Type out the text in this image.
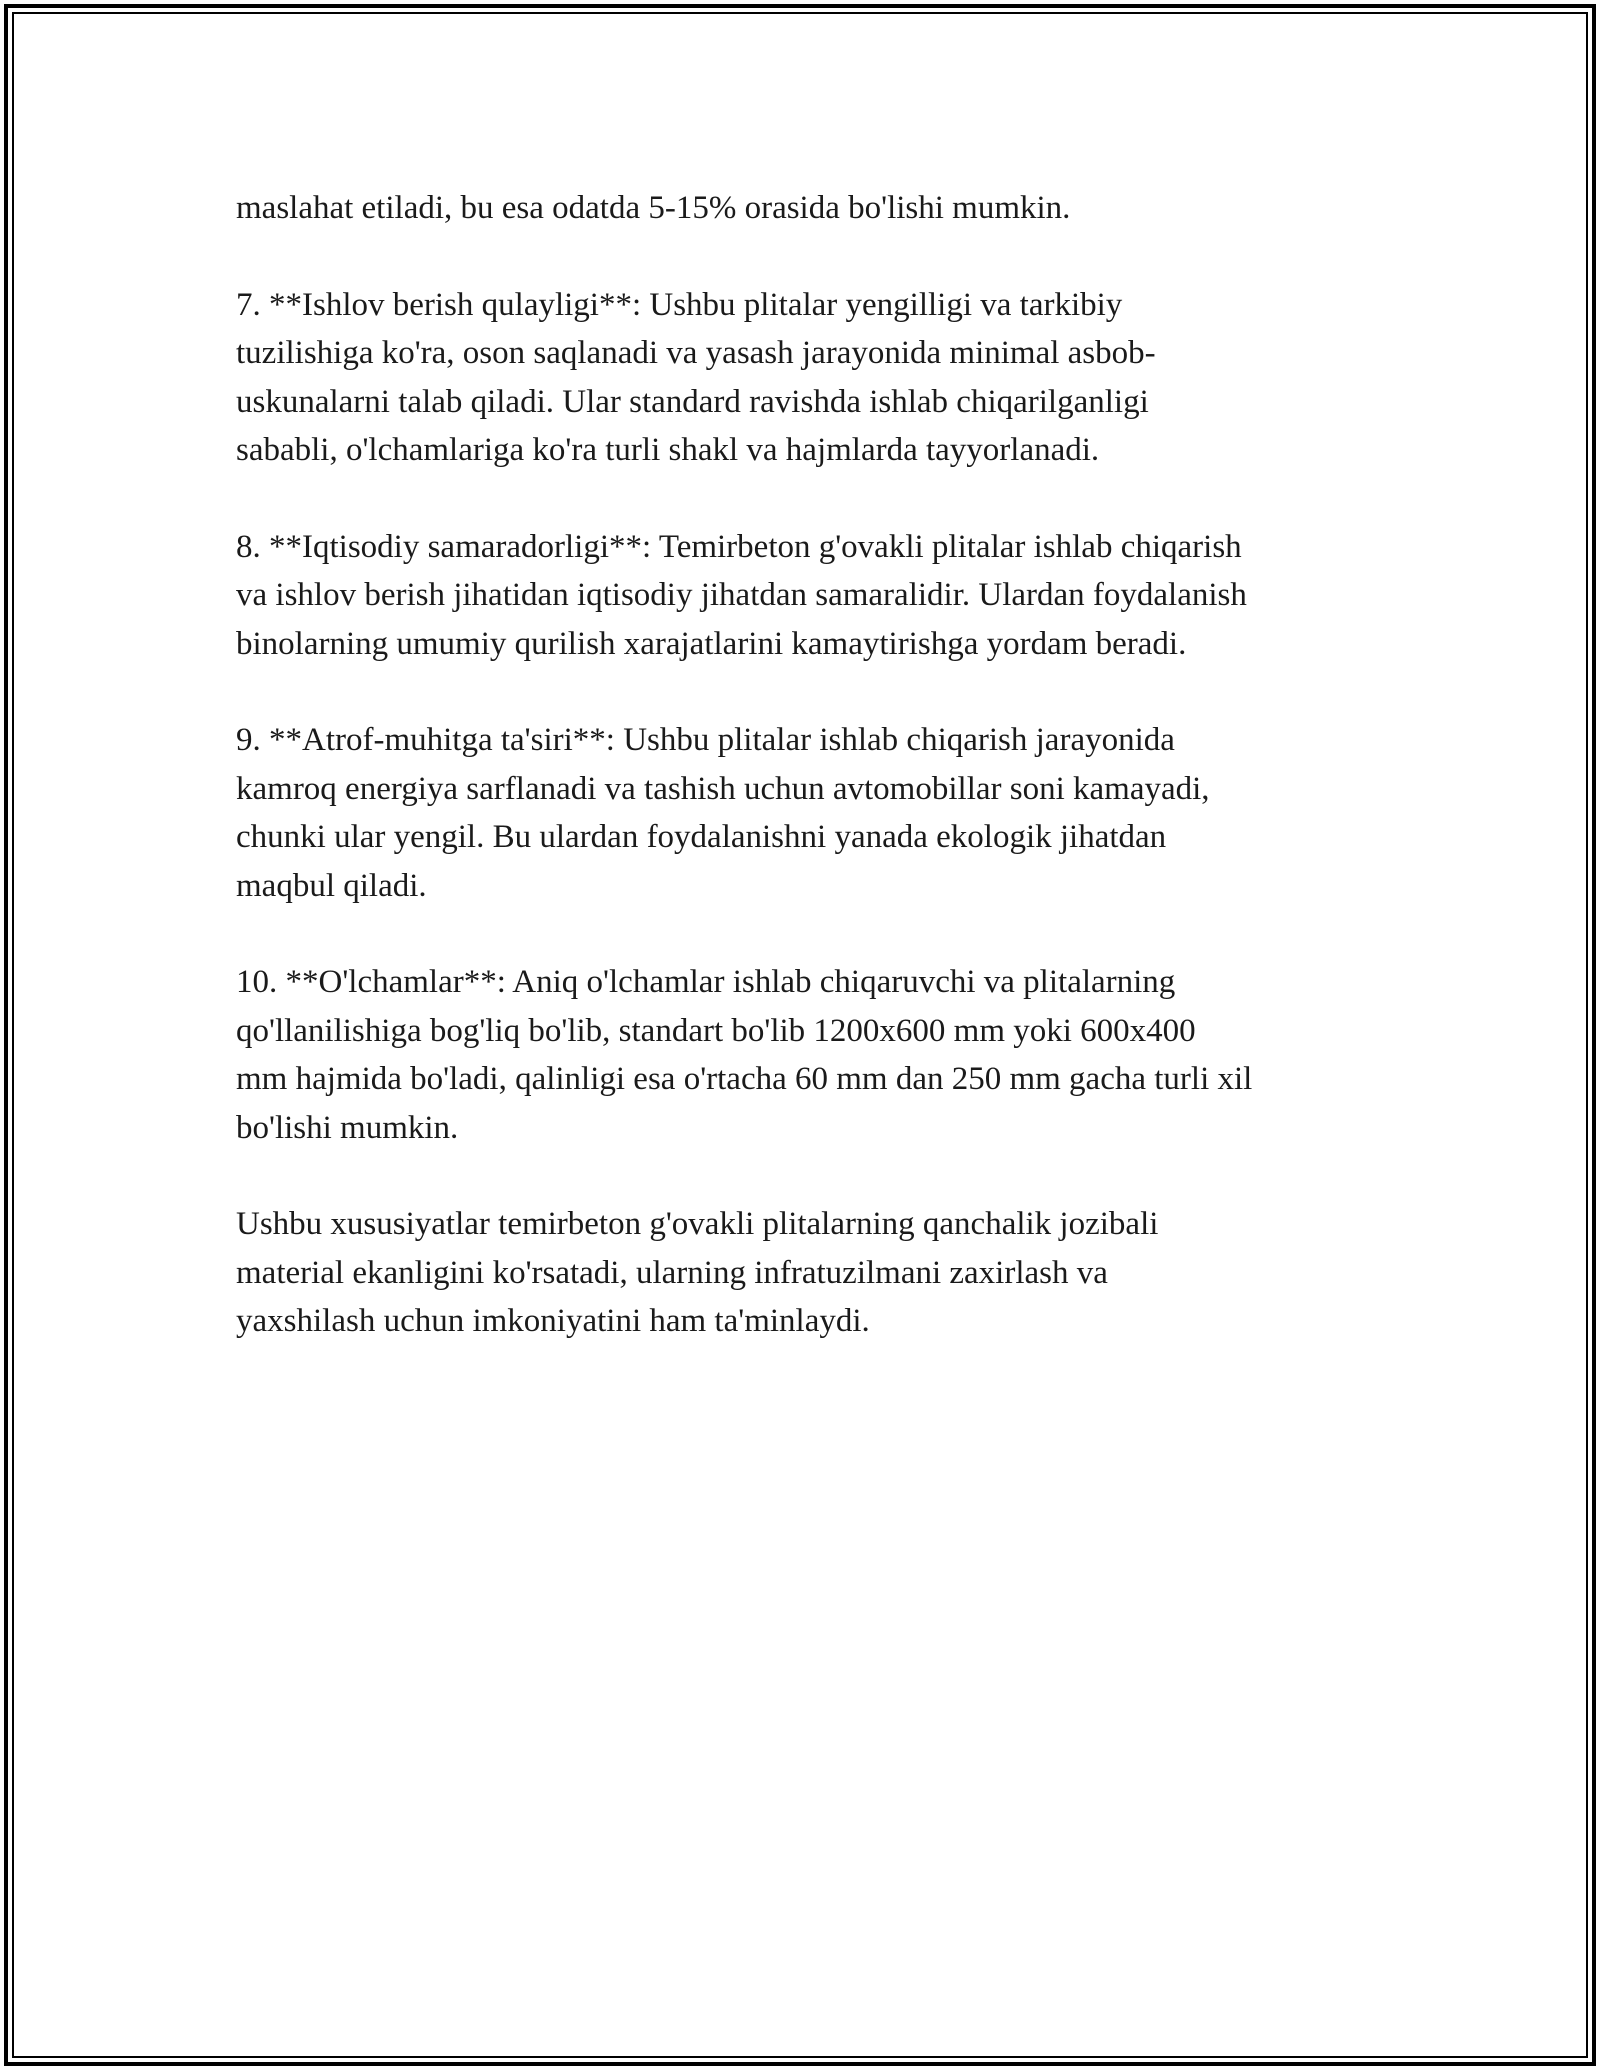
maslahat etiladi, bu esa odatda 5-15% orasida bo'lishi mumkin.

7. **Ishlov berish qulayligi**: Ushbu plitalar yengilligi va tarkibiy
tuzilishiga ko'ra, oson saqlanadi va yasash jarayonida minimal asbob-
uskunalarni talab qiladi. Ular standard ravishda ishlab chiqarilganligi
sababli, o'lchamlariga ko'ra turli shakl va hajmlarda tayyorlanadi.

8. **Iqtisodiy samaradorligi**: Temirbeton g'ovakli plitalar ishlab chiqarish
va ishlov berish jihatidan iqtisodiy jihatdan samaralidir. Ulardan foydalanish
binolarning umumiy qurilish xarajatlarini kamaytirishga yordam beradi.

9. **Atrof-muhitga ta'siri**: Ushbu plitalar ishlab chiqarish jarayonida
kamroq energiya sarflanadi va tashish uchun avtomobillar soni kamayadi,
chunki ular yengil. Bu ulardan foydalanishni yanada ekologik jihatdan
maqbul qiladi.

10. **O'lchamlar**: Aniq o'lchamlar ishlab chiqaruvchi va plitalarning
qo'llanilishiga bog'liq bo'lib, standart bo'lib 1200x600 mm yoki 600x400
mm hajmida bo'ladi, qalinligi esa o'rtacha 60 mm dan 250 mm gacha turli xil
bo'lishi mumkin.

Ushbu xususiyatlar temirbeton g'ovakli plitalarning qanchalik jozibali
material ekanligini ko'rsatadi, ularning infratuzilmani zaxirlash va
yaxshilash uchun imkoniyatini ham ta'minlaydi.
